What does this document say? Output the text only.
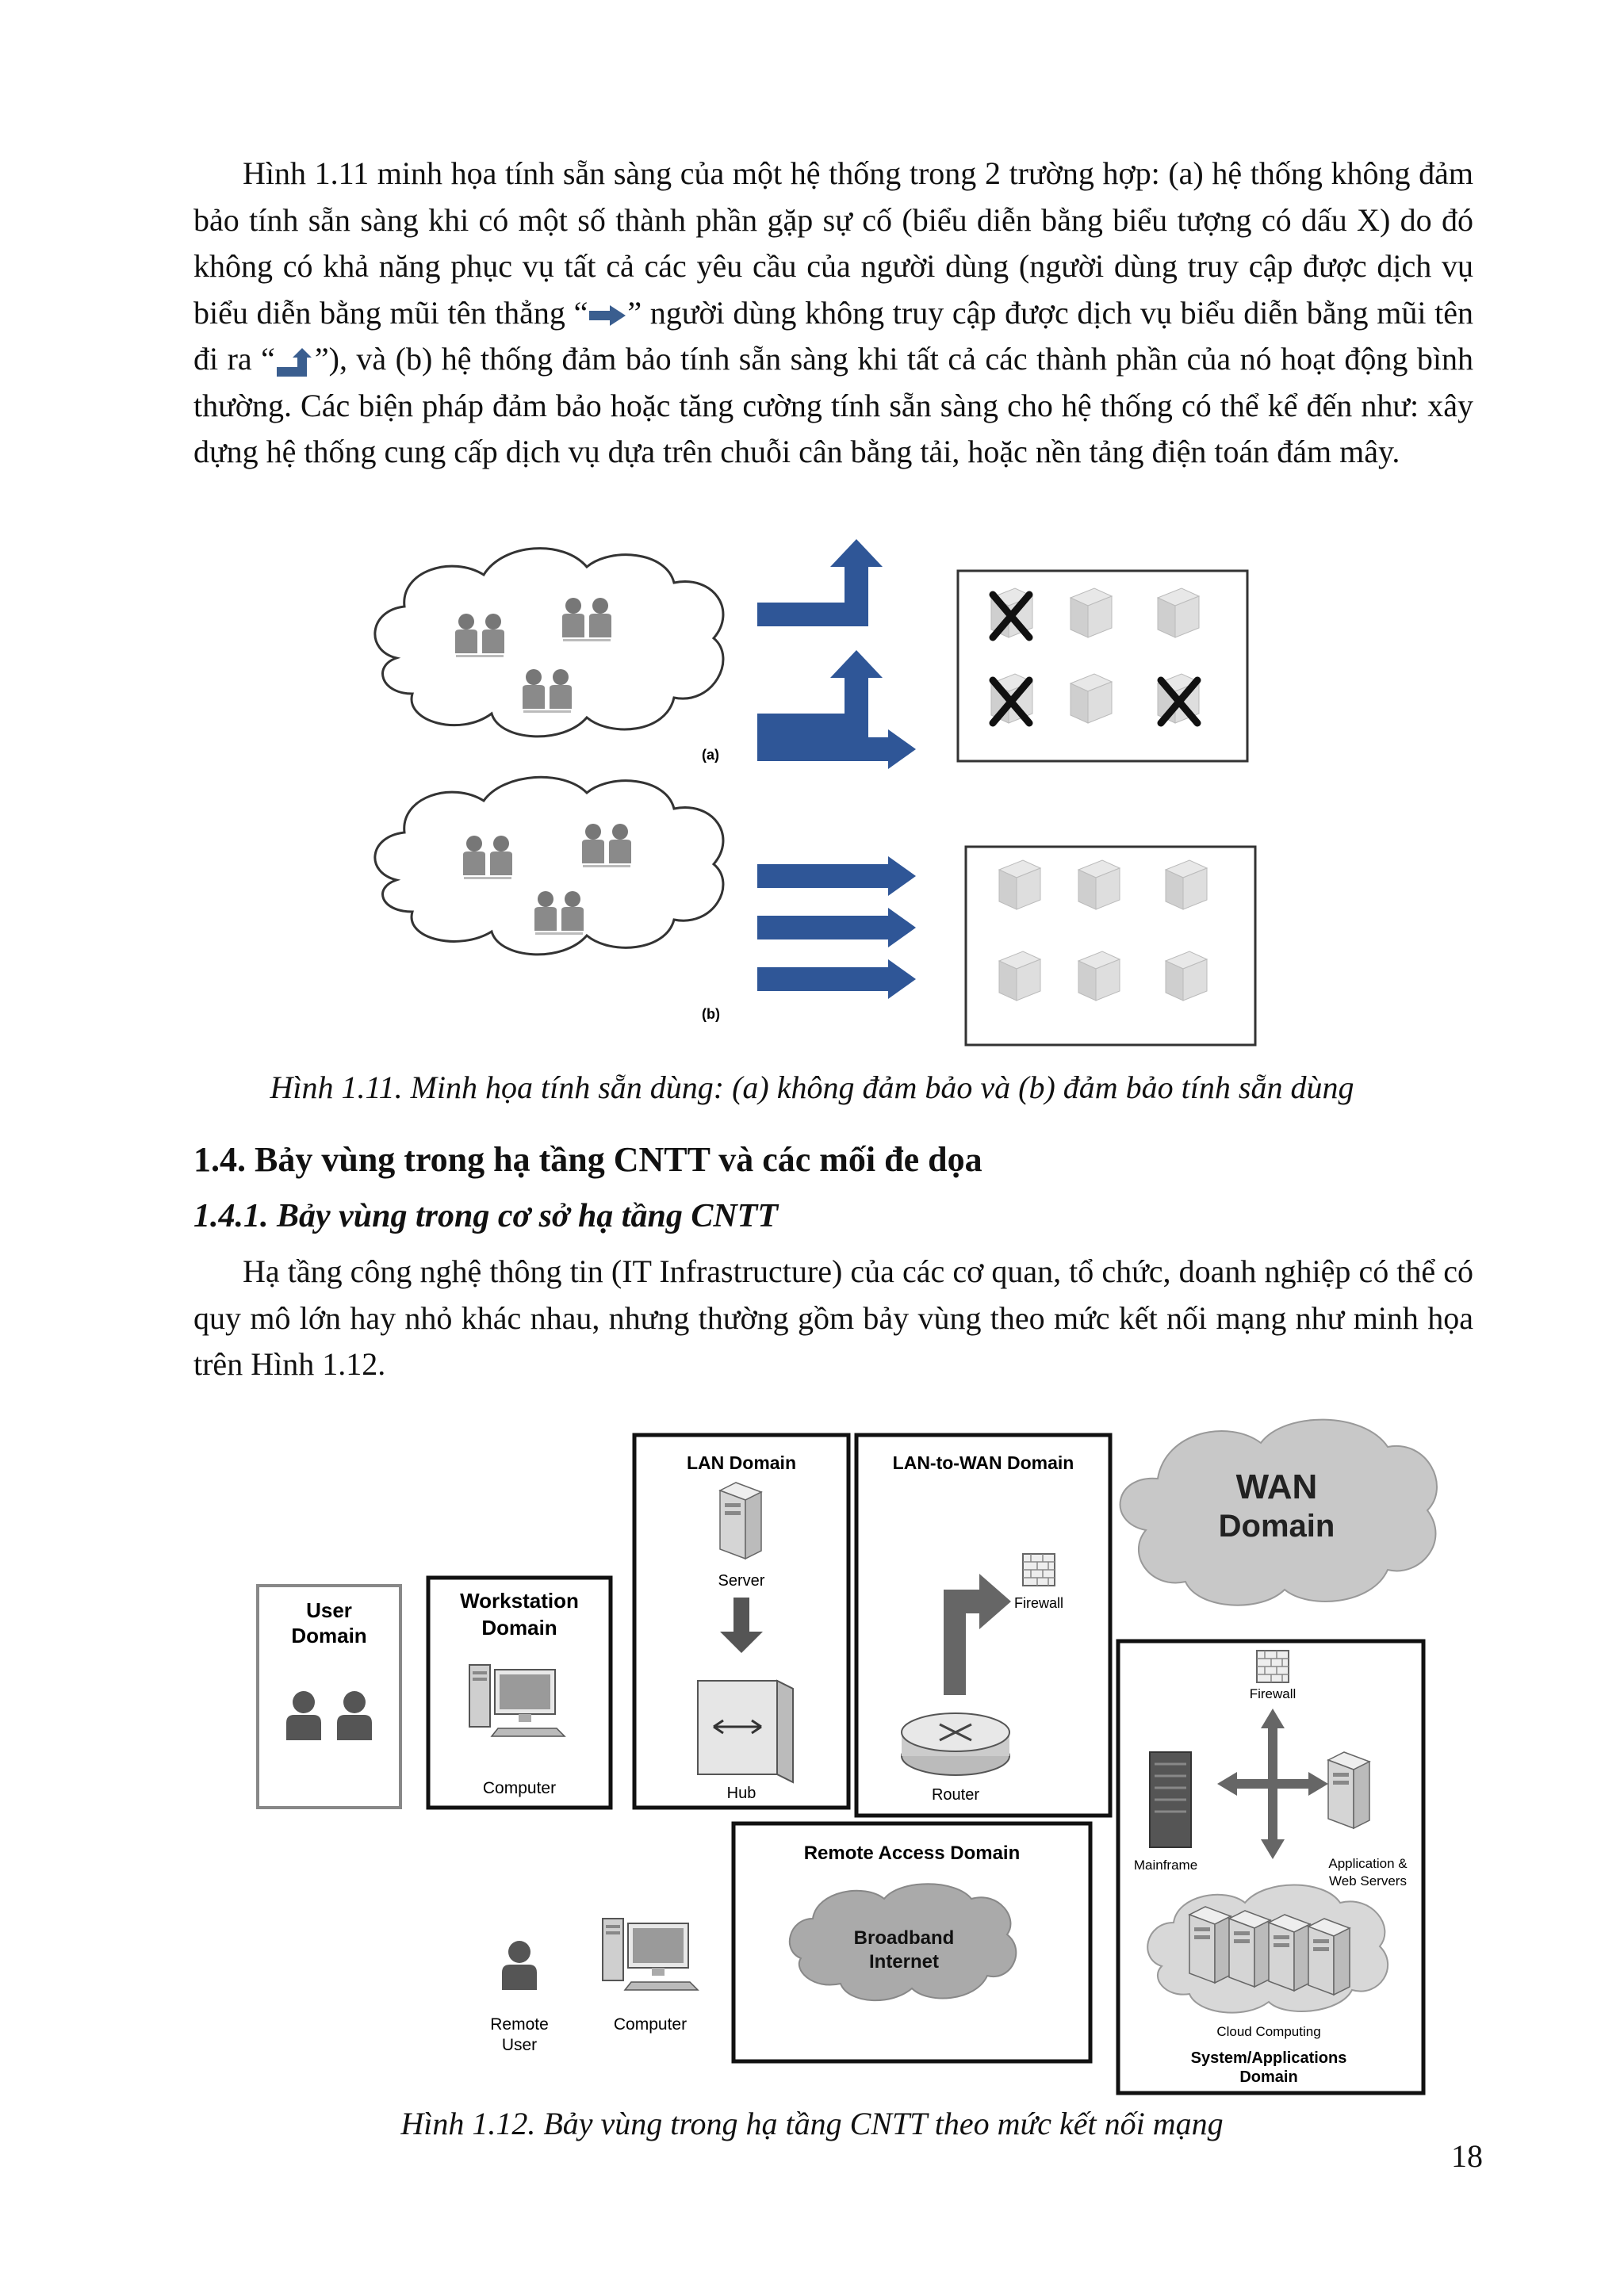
Hình 1.11 minh họa tính sẵn sàng của một hệ thống trong 2 trường hợp: (a) hệ thống không đảm bảo tính sẵn sàng khi có một số thành phần gặp sự cố (biểu diễn bằng biểu tượng có dấu X) do đó không có khả năng phục vụ tất cả các yêu cầu của người dùng (người dùng truy cập được dịch vụ biểu diễn bằng mũi tên thẳng “ ” người dùng không truy cập được dịch vụ biểu diễn bằng mũi tên đi ra “ ”), và (b) hệ thống đảm bảo tính sẵn sàng khi tất cả các thành phần của nó hoạt động bình thường. Các biện pháp đảm bảo hoặc tăng cường tính sẵn sàng cho hệ thống có thể kể đến như: xây dựng hệ thống cung cấp dịch vụ dựa trên chuỗi cân bằng tải, hoặc nền tảng điện toán đám mây.

(a)
(b)

Hình 1.11. Minh họa tính sẵn dùng: (a) không đảm bảo và (b) đảm bảo tính sẵn dùng

1.4. Bảy vùng trong hạ tầng CNTT và các mối đe dọa
1.4.1. Bảy vùng trong cơ sở hạ tầng CNTT

Hạ tầng công nghệ thông tin (IT Infrastructure) của các cơ quan, tổ chức, doanh nghiệp có thể có quy mô lớn hay nhỏ khác nhau, nhưng thường gồm bảy vùng theo mức kết nối mạng như minh họa trên Hình 1.12.

User
Domain
Workstation
Domain
Computer
LAN Domain
Server
Hub
LAN-to-WAN Domain
Firewall
Router
WAN
Domain
Remote Access Domain
Broadband
Internet
Remote
User
Computer
Firewall
Mainframe	Application &
Web Servers
Cloud Computing
System/Applications
Domain

Hình 1.12. Bảy vùng trong hạ tầng CNTT theo mức kết nối mạng

18
